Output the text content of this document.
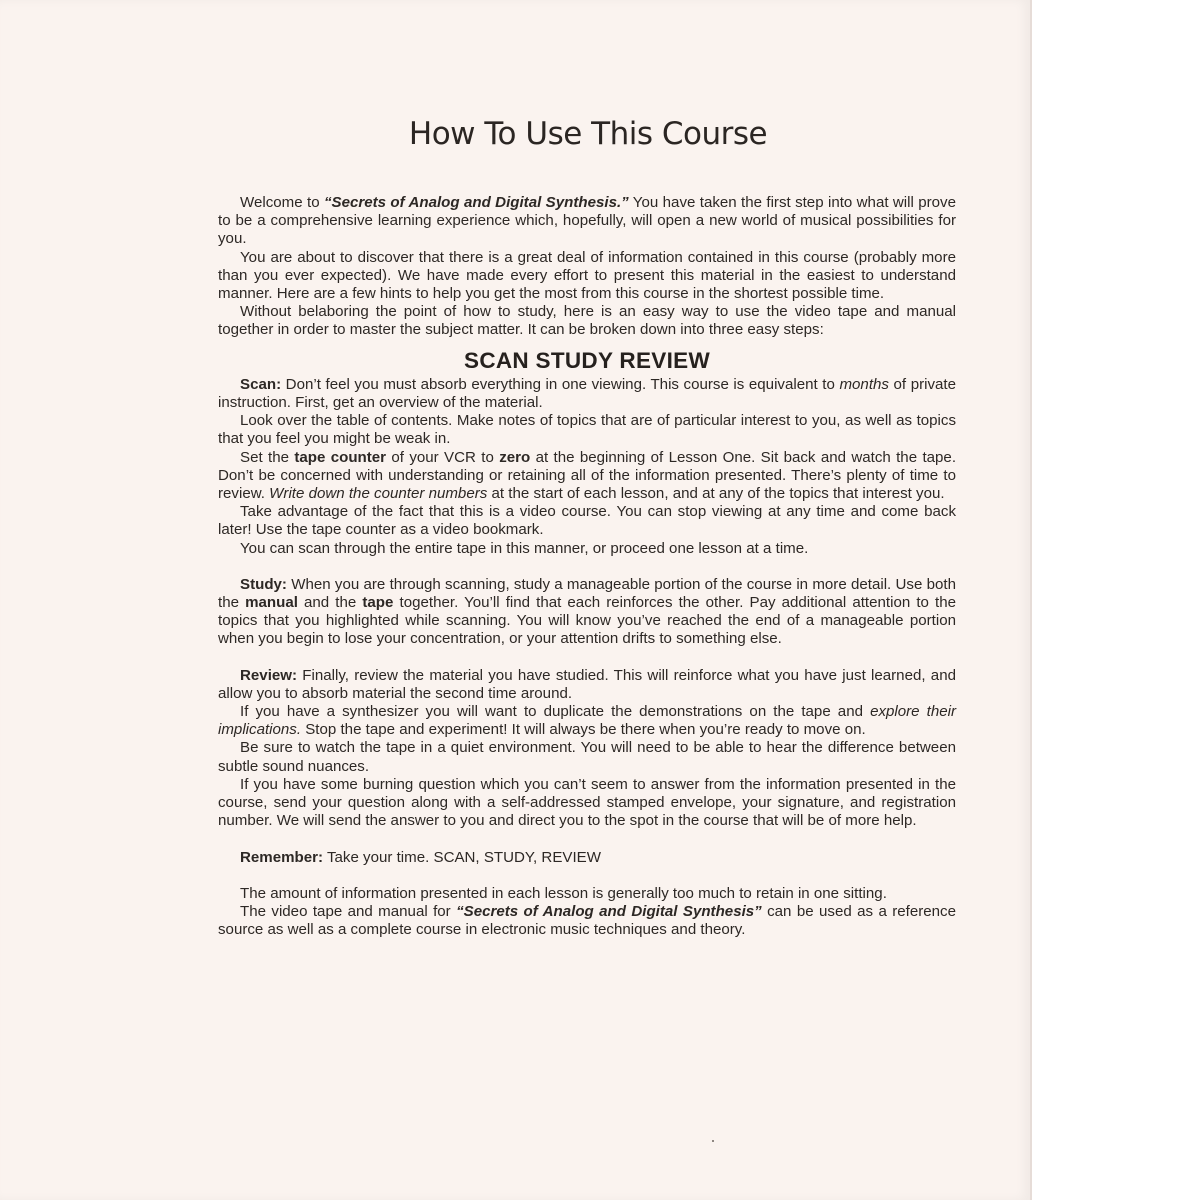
How To Use This Course

Welcome to “Secrets of Analog and Digital Synthesis.” You have taken the first step into what will prove to be a comprehensive learning experience which, hopefully, will open a new world of musical possibilities for you.

You are about to discover that there is a great deal of information contained in this course (probably more than you ever expected). We have made every effort to present this material in the easiest to understand manner. Here are a few hints to help you get the most from this course in the shortest possible time.

Without belaboring the point of how to study, here is an easy way to use the video tape and manual together in order to master the subject matter. It can be broken down into three easy steps:

SCAN STUDY REVIEW

Scan: Don’t feel you must absorb everything in one viewing. This course is equivalent to months of private instruction. First, get an overview of the material.

Look over the table of contents. Make notes of topics that are of particular interest to you, as well as topics that you feel you might be weak in.

Set the tape counter of your VCR to zero at the beginning of Lesson One. Sit back and watch the tape. Don’t be concerned with understanding or retaining all of the information presented. There’s plenty of time to review. Write down the counter numbers at the start of each lesson, and at any of the topics that interest you.

Take advantage of the fact that this is a video course. You can stop viewing at any time and come back later! Use the tape counter as a video bookmark.

You can scan through the entire tape in this manner, or proceed one lesson at a time.

Study: When you are through scanning, study a manageable portion of the course in more detail. Use both the manual and the tape together. You’ll find that each reinforces the other. Pay additional attention to the topics that you highlighted while scanning. You will know you’ve reached the end of a manageable portion when you begin to lose your concentration, or your attention drifts to something else.

Review: Finally, review the material you have studied. This will reinforce what you have just learned, and allow you to absorb material the second time around.

If you have a synthesizer you will want to duplicate the demonstrations on the tape and explore their implications. Stop the tape and experiment! It will always be there when you’re ready to move on.

Be sure to watch the tape in a quiet environment. You will need to be able to hear the difference between subtle sound nuances.

If you have some burning question which you can’t seem to answer from the information presented in the course, send your question along with a self-addressed stamped envelope, your signature, and registration number. We will send the answer to you and direct you to the spot in the course that will be of more help.

Remember: Take your time. SCAN, STUDY, REVIEW

The amount of information presented in each lesson is generally too much to retain in one sitting.

The video tape and manual for “Secrets of Analog and Digital Synthesis” can be used as a reference source as well as a complete course in electronic music techniques and theory.
